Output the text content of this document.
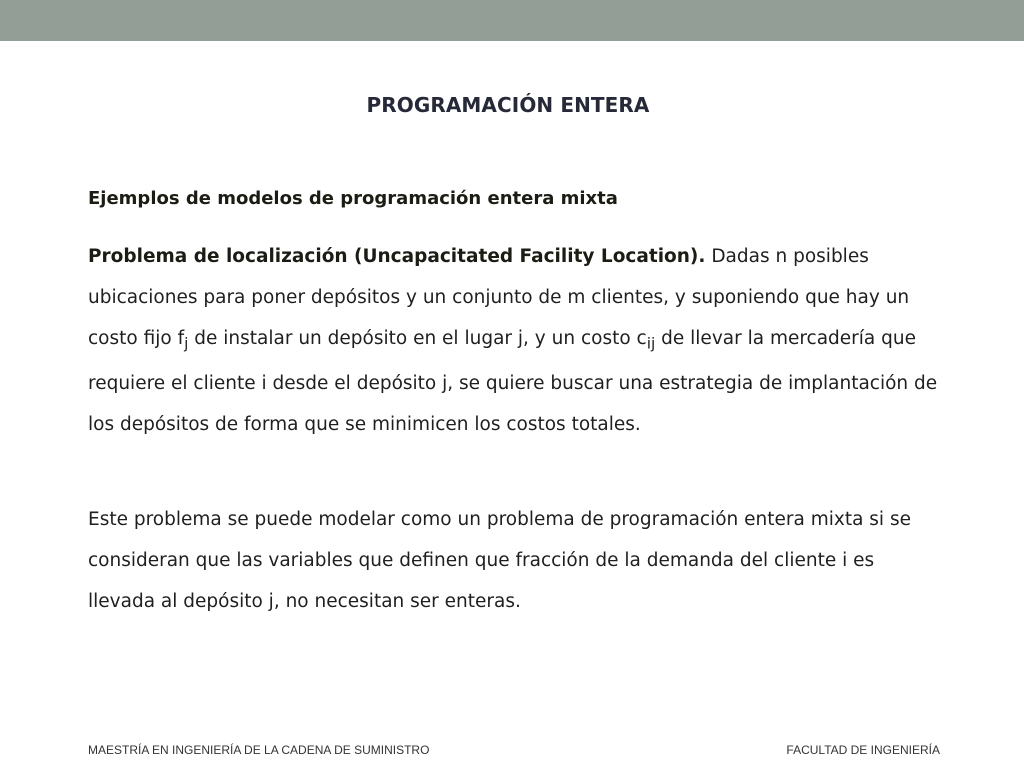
PROGRAMACIÓN ENTERA
Ejemplos de modelos de programación entera mixta
Problema de localización (Uncapacitated Facility Location). Dadas n posibles ubicaciones para poner depósitos y un conjunto de m clientes, y suponiendo que hay un costo fijo $f_j$ de instalar un depósito en el lugar j, y un costo $c_{ij}$ de llevar la mercadería que requiere el cliente i desde el depósito j, se quiere buscar una estrategia de implantación de los depósitos de forma que se minimicen los costos totales.
Este problema se puede modelar como un problema de programación entera mixta si se consideran que las variables que definen que fracción de la demanda del cliente i es llevada al depósito j, no necesitan ser enteras.
MAESTRÍA EN INGENIERÍA DE LA CADENA DE SUMINISTRO	FACULTAD DE INGENIERÍA
